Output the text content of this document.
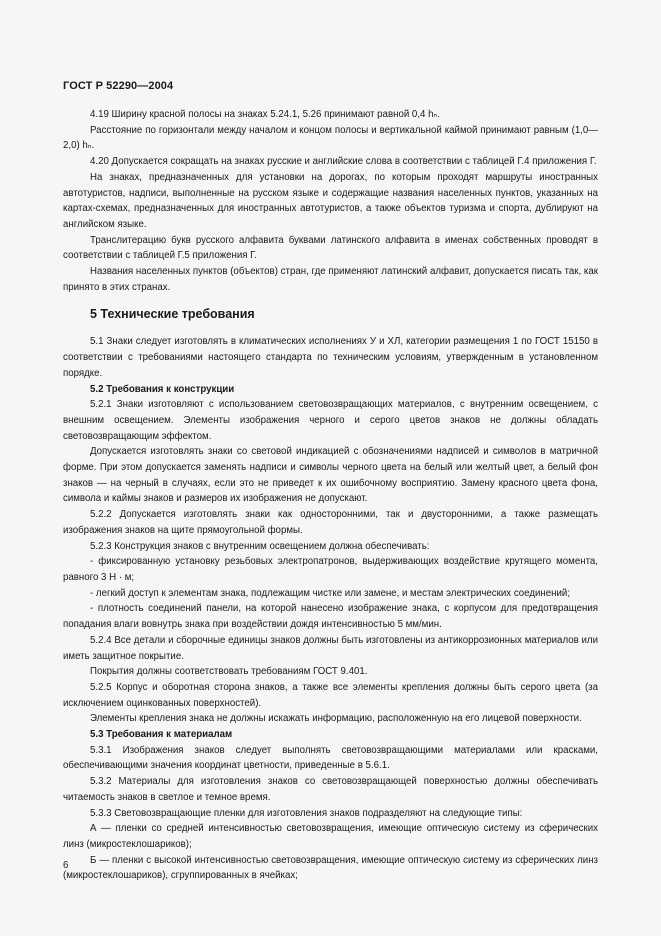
ГОСТ Р 52290—2004
4.19 Ширину красной полосы на знаках 5.24.1, 5.26 принимают равной 0,4 hₙ.
Расстояние по горизонтали между началом и концом полосы и вертикальной каймой принимают равным (1,0—2,0) hₙ.
4.20 Допускается сокращать на знаках русские и английские слова в соответствии с таблицей Г.4 приложения Г.
На знаках, предназначенных для установки на дорогах, по которым проходят маршруты иностранных автотуристов, надписи, выполненные на русском языке и содержащие названия населенных пунктов, указанных на картах-схемах, предназначенных для иностранных автотуристов, а также объектов туризма и спорта, дублируют на английском языке.
Транслитерацию букв русского алфавита буквами латинского алфавита в именах собственных проводят в соответствии с таблицей Г.5 приложения Г.
Названия населенных пунктов (объектов) стран, где применяют латинский алфавит, допускается писать так, как принято в этих странах.
5 Технические требования
5.1 Знаки следует изготовлять в климатических исполнениях У и ХЛ, категории размещения 1 по ГОСТ 15150 в соответствии с требованиями настоящего стандарта по техническим условиям, утвержденным в установленном порядке.
5.2 Требования к конструкции
5.2.1 Знаки изготовляют с использованием световозвращающих материалов, с внутренним освещением, с внешним освещением. Элементы изображения черного и серого цветов знаков не должны обладать световозвращающим эффектом.
Допускается изготовлять знаки со световой индикацией с обозначениями надписей и символов в матричной форме. При этом допускается заменять надписи и символы черного цвета на белый или желтый цвет, а белый фон знаков — на черный в случаях, если это не приведет к их ошибочному восприятию. Замену красного цвета фона, символа и каймы знаков и размеров их изображения не допускают.
5.2.2 Допускается изготовлять знаки как односторонними, так и двусторонними, а также размещать изображения знаков на щите прямоугольной формы.
5.2.3 Конструкция знаков с внутренним освещением должна обеспечивать:
- фиксированную установку резьбовых электропатронов, выдерживающих воздействие крутящего момента, равного 3 Н · м;
- легкий доступ к элементам знака, подлежащим чистке или замене, и местам электрических соединений;
- плотность соединений панели, на которой нанесено изображение знака, с корпусом для предотвращения попадания влаги вовнутрь знака при воздействии дождя интенсивностью 5 мм/мин.
5.2.4 Все детали и сборочные единицы знаков должны быть изготовлены из антикоррозионных материалов или иметь защитное покрытие.
Покрытия должны соответствовать требованиям ГОСТ 9.401.
5.2.5 Корпус и оборотная сторона знаков, а также все элементы крепления должны быть серого цвета (за исключением оцинкованных поверхностей).
Элементы крепления знака не должны искажать информацию, расположенную на его лицевой поверхности.
5.3 Требования к материалам
5.3.1 Изображения знаков следует выполнять световозвращающими материалами или красками, обеспечивающими значения координат цветности, приведенные в 5.6.1.
5.3.2 Материалы для изготовления знаков со световозвращающей поверхностью должны обеспечивать читаемость знаков в светлое и темное время.
5.3.3 Световозвращающие пленки для изготовления знаков подразделяют на следующие типы:
А — пленки со средней интенсивностью световозвращения, имеющие оптическую систему из сферических линз (микростеклошариков);
Б — пленки с высокой интенсивностью световозвращения, имеющие оптическую систему из сферических линз (микростеклошариков), сгруппированных в ячейках;
6
